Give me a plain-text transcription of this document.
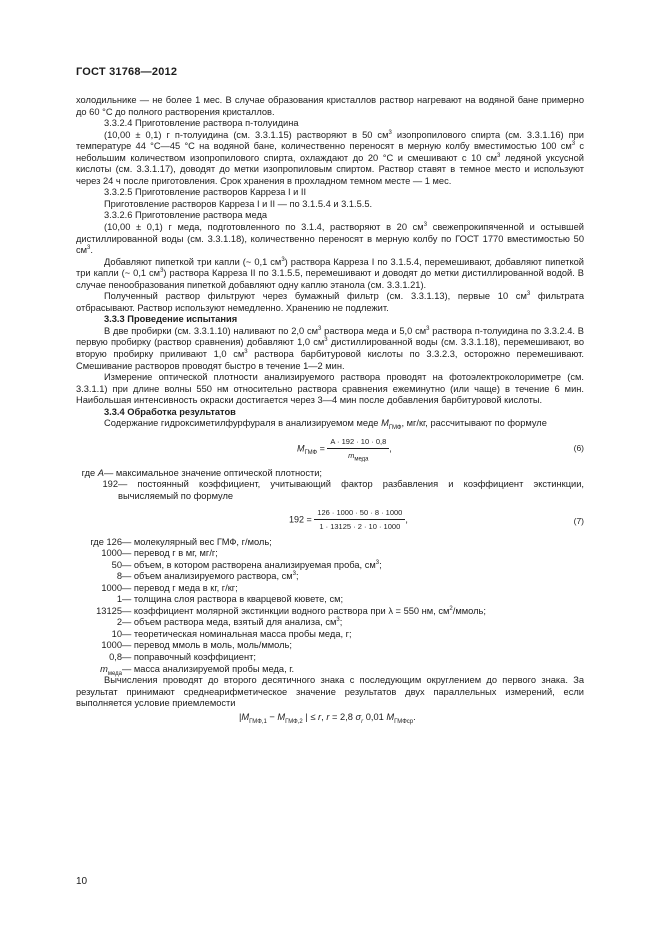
ГОСТ 31768—2012

холодильнике — не более 1 мес. В случае образования кристаллов раствор нагревают на водяной бане примерно до 60 °С до полного растворения кристаллов.

3.3.2.4 Приготовление раствора п-толуидина

(10,00 ± 0,1) г п-толуидина (см. 3.3.1.15) растворяют в 50 $см^3$ изопропилового спирта (см. 3.3.1.16) при температуре 44 °С—45 °С на водяной бане, количественно переносят в мерную колбу вместимостью 100 $см^3$ с небольшим количеством изопропилового спирта, охлаждают до 20 °С и смешивают с 10 $см^3$ ледяной уксусной кислоты (см. 3.3.1.17), доводят до метки изопропиловым спиртом. Раствор ставят в темное место и используют через 24 ч после приготовления. Срок хранения в прохладном темном месте — 1 мес.

3.3.2.5 Приготовление растворов Карреза I и II

Приготовление растворов Карреза I и II — по 3.1.5.4 и 3.1.5.5.

3.3.2.6 Приготовление раствора меда

(10,00 ± 0,1) г меда, подготовленного по 3.1.4, растворяют в 20 $см^3$ свежепрокипяченной и остывшей дистиллированной воды (см. 3.3.1.18), количественно переносят в мерную колбу по ГОСТ 1770 вместимостью 50 $см^3$.

Добавляют пипеткой три капли (~ 0,1 $см^3$) раствора Карреза I по 3.1.5.4, перемешивают, добавляют пипеткой три капли (~ 0,1 $см^3$) раствора Карреза II по 3.1.5.5, перемешивают и доводят до метки дистиллированной водой. В случае пенообразования пипеткой добавляют одну каплю этанола (см. 3.3.1.21).

Полученный раствор фильтруют через бумажный фильтр (см. 3.3.1.13), первые 10 $см^3$ фильтрата отбрасывают. Раствор используют немедленно. Хранению не подлежит.

3.3.3 Проведение испытания

В две пробирки (см. 3.3.1.10) наливают по 2,0 $см^3$ раствора меда и 5,0 $см^3$ раствора п-толуидина по 3.3.2.4. В первую пробирку (раствор сравнения) добавляют 1,0 $см^3$ дистиллированной воды (см. 3.3.1.18), перемешивают, во вторую пробирку приливают 1,0 $см^3$ раствора барбитуровой кислоты по 3.3.2.3, осторожно перемешивают. Смешивание растворов проводят быстро в течение 1—2 мин.

Измерение оптической плотности анализируемого раствора проводят на фотоэлектроколориметре (см. 3.3.1.1) при длине волны 550 нм относительно раствора сравнения ежеминутно (или чаще) в течение 6 мин. Наибольшая интенсивность окраски достигается через 3—4 мин после добавления барбитуровой кислоты.

3.3.4 Обработка результатов

Содержание гидроксиметилфурфураля в анализируемом меде $M_{ГМФ}$, мг/кг, рассчитывают по формуле

$M_{ГМФ} = \frac{A \cdot 192 \cdot 10 \cdot 0,8}{m_{меда}}$ ,	(6)
где A — максимальное значение оптической плотности;
192 — постоянный коэффициент, учитывающий фактор разбавления и коэффициент экстинкции, вычисляемый по формуле
$192 = \frac{126 \cdot 1000 \cdot 50 \cdot 8 \cdot 1000}{1 \cdot 13125 \cdot 2 \cdot 10 \cdot 1000}$ ,	(7)
где 126 — молекулярный вес ГМФ, г/моль;
1000 — перевод г в мг, мг/г;
50 — объем, в котором растворена анализируемая проба, $см^3$;
8 — объем анализируемого раствора, $см^3$;
1000 — перевод г меда в кг, г/кг;
1 — толщина слоя раствора в кварцевой кювете, см;
13125 — коэффициент молярной экстинкции водного раствора при λ = 550 нм, $см^2$/ммоль;
2 — объем раствора меда, взятый для анализа, $см^3$;
10 — теоретическая номинальная масса пробы меда, г;
1000 — перевод ммоль в моль, моль/ммоль;
0,8 — поправочный коэффициент;
$m_{меда}$ — масса анализируемой пробы меда, г.

Вычисления проводят до второго десятичного знака с последующим округлением до первого знака. За результат принимают среднеарифметическое значение результатов двух параллельных измерений, если выполняется условие приемлемости

$|M_{ГМФ,1} - M_{ГМФ,2}$ | ≤ r, r = 2,8 $\sigma_r$ 0,01 $M_{ГМФср}$.
10
